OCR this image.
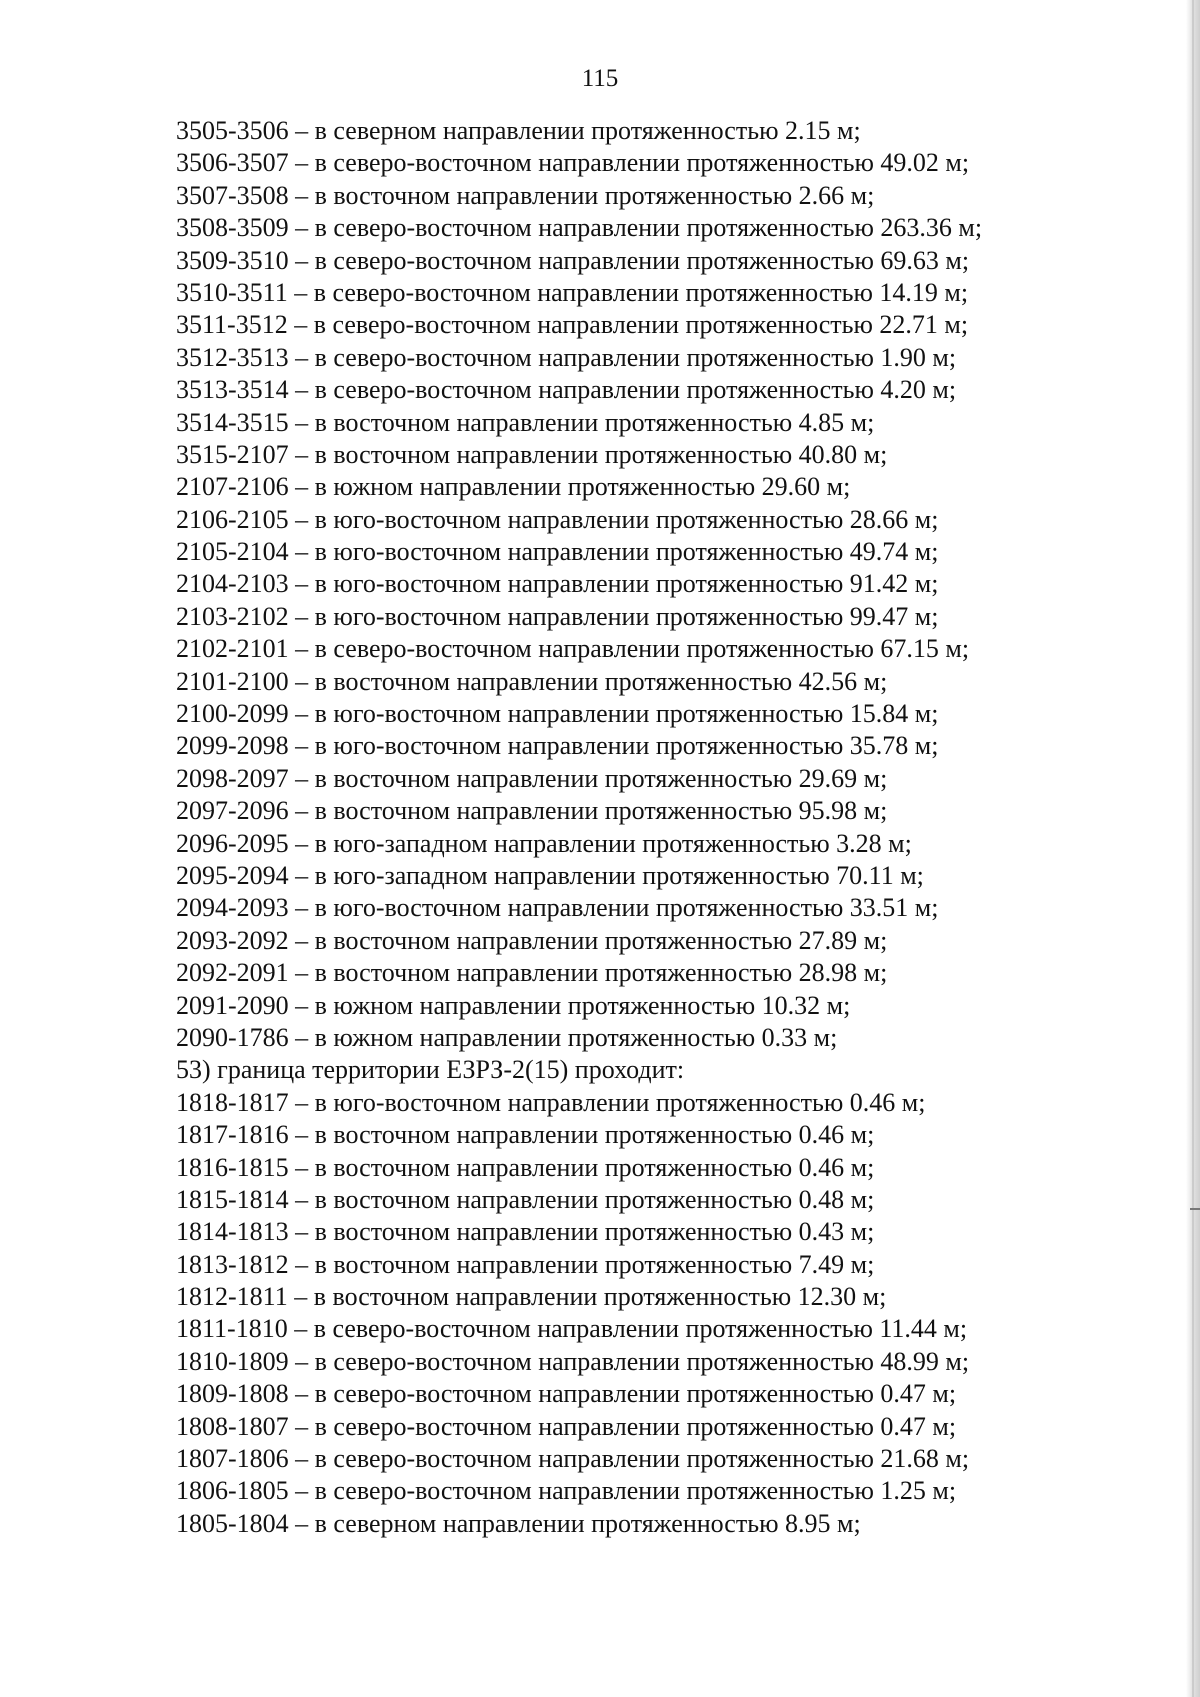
115
3505-3506 – в северном направлении протяженностью 2.15 м;
3506-3507 – в северо-восточном направлении протяженностью 49.02 м;
3507-3508 – в восточном направлении протяженностью 2.66 м;
3508-3509 – в северо-восточном направлении протяженностью 263.36 м;
3509-3510 – в северо-восточном направлении протяженностью 69.63 м;
3510-3511 – в северо-восточном направлении протяженностью 14.19 м;
3511-3512 – в северо-восточном направлении протяженностью 22.71 м;
3512-3513 – в северо-восточном направлении протяженностью 1.90 м;
3513-3514 – в северо-восточном направлении протяженностью 4.20 м;
3514-3515 – в восточном направлении протяженностью 4.85 м;
3515-2107 – в восточном направлении протяженностью 40.80 м;
2107-2106 – в южном направлении протяженностью 29.60 м;
2106-2105 – в юго-восточном направлении протяженностью 28.66 м;
2105-2104 – в юго-восточном направлении протяженностью 49.74 м;
2104-2103 – в юго-восточном направлении протяженностью 91.42 м;
2103-2102 – в юго-восточном направлении протяженностью 99.47 м;
2102-2101 – в северо-восточном направлении протяженностью 67.15 м;
2101-2100 – в восточном направлении протяженностью 42.56 м;
2100-2099 – в юго-восточном направлении протяженностью 15.84 м;
2099-2098 – в юго-восточном направлении протяженностью 35.78 м;
2098-2097 – в восточном направлении протяженностью 29.69 м;
2097-2096 – в восточном направлении протяженностью 95.98 м;
2096-2095 – в юго-западном направлении протяженностью 3.28 м;
2095-2094 – в юго-западном направлении протяженностью 70.11 м;
2094-2093 – в юго-восточном направлении протяженностью 33.51 м;
2093-2092 – в восточном направлении протяженностью 27.89 м;
2092-2091 – в восточном направлении протяженностью 28.98 м;
2091-2090 – в южном направлении протяженностью 10.32 м;
2090-1786 – в южном направлении протяженностью 0.33 м;
53) граница территории ЕЗРЗ-2(15) проходит:
1818-1817 – в юго-восточном направлении протяженностью 0.46 м;
1817-1816 – в восточном направлении протяженностью 0.46 м;
1816-1815 – в восточном направлении протяженностью 0.46 м;
1815-1814 – в восточном направлении протяженностью 0.48 м;
1814-1813 – в восточном направлении протяженностью 0.43 м;
1813-1812 – в восточном направлении протяженностью 7.49 м;
1812-1811 – в восточном направлении протяженностью 12.30 м;
1811-1810 – в северо-восточном направлении протяженностью 11.44 м;
1810-1809 – в северо-восточном направлении протяженностью 48.99 м;
1809-1808 – в северо-восточном направлении протяженностью 0.47 м;
1808-1807 – в северо-восточном направлении протяженностью 0.47 м;
1807-1806 – в северо-восточном направлении протяженностью 21.68 м;
1806-1805 – в северо-восточном направлении протяженностью 1.25 м;
1805-1804 – в северном направлении протяженностью 8.95 м;
